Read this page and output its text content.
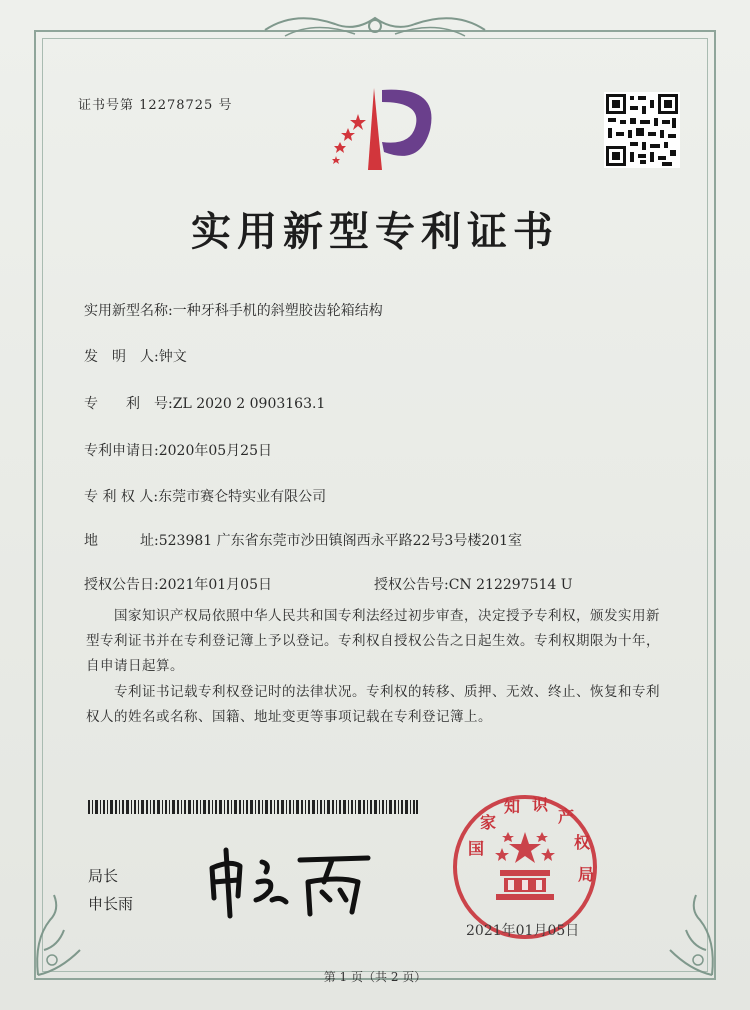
证书号第 12278725 号
实用新型专利证书
实用新型名称:一种牙科手机的斜塑胶齿轮箱结构
发　明　人:钟文
专　　利　号:ZL 2020 2 0903163.1
专利申请日:2020年05月25日
专 利 权 人:东莞市赛仑特实业有限公司
地　　　址:523981 广东省东莞市沙田镇阁西永平路22号3号楼201室
授权公告日:2021年01月05日	授权公告号:CN 212297514 U
国家知识产权局依照中华人民共和国专利法经过初步审查，决定授予专利权，颁发实用新型专利证书并在专利登记簿上予以登记。专利权自授权公告之日起生效。专利权期限为十年，自申请日起算。
专利证书记载专利权登记时的法律状况。专利权的转移、质押、无效、终止、恢复和专利权人的姓名或名称、国籍、地址变更等事项记载在专利登记簿上。
局长
申长雨
国家知 识产权局
2021年01月05日
第 1 页（共 2 页）
